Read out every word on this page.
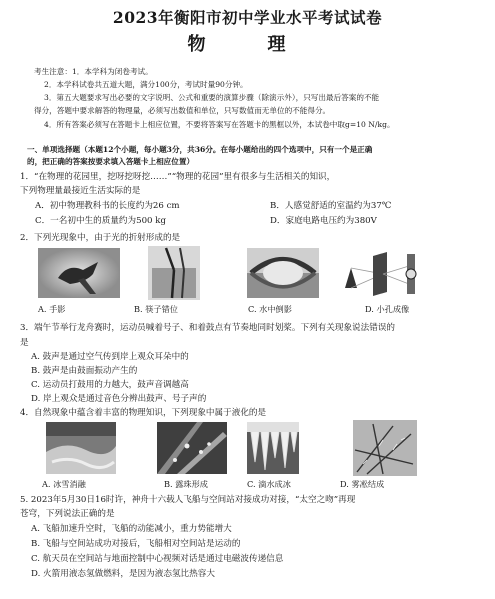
2023年衡阳市初中学业水平考试试卷
物　理
考生注意：1．本学科为闭卷考试。
2．本学科试卷共五道大题，满分100分，考试时量90分钟。
3．第五大题要求写出必要的文字说明、公式和重要的演算步骤（除演示外），只写出最后答案的不能
得分，答题中要求解答的物理量，必须写出数值和单位，只写数值而无单位的不能得分。
4．所有答案必须写在答题卡上相应位置，不要将答案写在答题卡的黑框以外，本试卷中取g=10 N/kg。
一、单项选择题（本题12个小题，每小题3分，共36分。在每小题给出的四个选项中，只有一个是正确
的，把正确的答案按要求填入答题卡上相应位置）
1．“在物理的花园里，挖呀挖呀挖……”“物理的花园”里有很多与生活相关的知识，
下列物理量最接近生活实际的是
A．初中物理教科书的长度约为26 cm	B．人感觉舒适的室温约为37℃
C．一名初中生的质量约为500 kg	D．家庭电路电压约为380V
2．下列光现象中，由于光的折射形成的是
A. 手影	B. 筷子错位	C. 水中倒影	D. 小孔成像
3．端午节举行龙舟赛时，运动员喊着号子、和着鼓点有节奏地同时划桨。下列有关现象说法错误的
是
A. 鼓声是通过空气传到岸上观众耳朵中的
B. 鼓声是由鼓面振动产生的
C. 运动员打鼓用的力越大，鼓声音调越高
D. 岸上观众是通过音色分辨出鼓声、号子声的
4．自然现象中蕴含着丰富的物理知识，下列现象中属于液化的是
A. 冰雪消融	B. 露珠形成	C. 滴水成冰	D. 雾凇结成
5. 2023年5月30日16时许，神舟十六载人飞船与空间站对接成功对接，“太空之吻”再现
苍穹，下列说法正确的是
A. 飞船加速升空时，飞船的动能减小，重力势能增大
B. 飞船与空间站成功对接后，飞船相对空间站是运动的
C. 航天员在空间站与地面控制中心视频对话是通过电磁波传递信息
D. 火箭用液态氢做燃料，是因为液态氢比热容大
